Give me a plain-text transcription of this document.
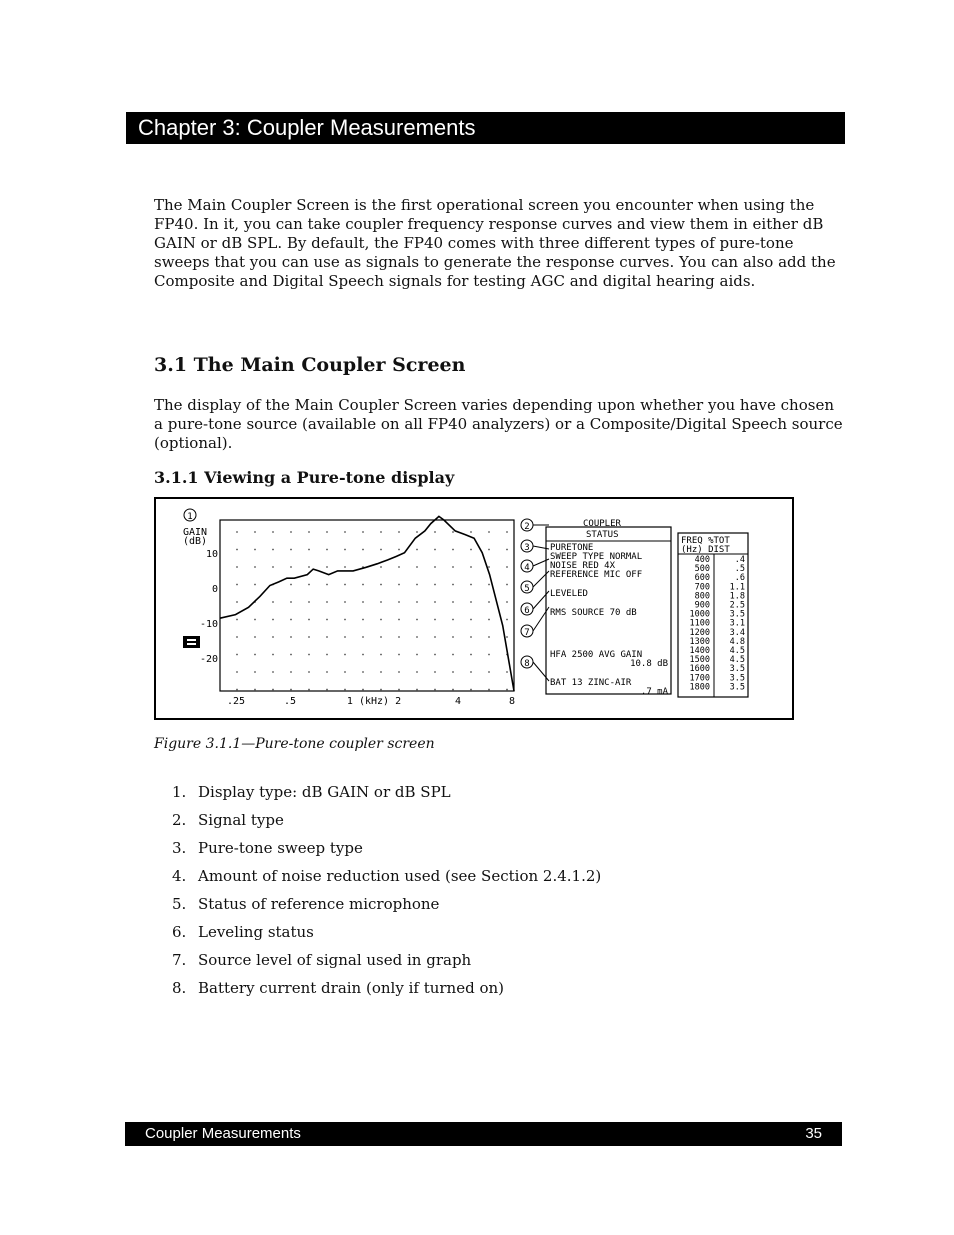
Chapter 3: Coupler Measurements

The Main Coupler Screen is the first operational screen you encounter when using the FP40. In it, you can take coupler frequency response curves and view them in either dB GAIN or dB SPL. By default, the FP40 comes with three different types of pure-tone sweeps that you can use as signals to generate the response curves. You can also add the Composite and Digital Speech signals for testing AGC and digital hearing aids.

3.1 The Main Coupler Screen

The display of the Main Coupler Screen varies depending upon whether you have chosen a pure-tone source (available on all FP40 analyzers) or a Composite/Digital Speech source (optional).

3.1.1 Viewing a Pure-tone display
1
GAIN
(dB)
10
0
-10
-20
.25	.5	1 (kHz) 2	4	8
2
3
4
5
6
7
8
COUPLER
STATUS
PURETONE
SWEEP TYPE NORMAL
NOISE RED 4X
REFERENCE MIC OFF
LEVELED
RMS SOURCE 70 dB
HFA 2500 AVG GAIN
10.8 dB
BAT 13 ZINC-AIR
.7 mA
FREQ %TOT
(Hz) DIST
400	.4
500	.5
600	.6
700 1.1
800 1.8
900 2.5
1000 3.5
1100 3.1
1200 3.4
1300 4.8
1400 4.5
1500 4.5
1600 3.5
1700 3.5
1800 3.5

Figure 3.1.1—Pure-tone coupler screen

1. Display type: dB GAIN or dB SPL
2. Signal type
3. Pure-tone sweep type
4. Amount of noise reduction used (see Section 2.4.1.2)
5. Status of reference microphone
6. Leveling status
7. Source level of signal used in graph
8. Battery current drain (only if turned on)
Coupler Measurements	35
